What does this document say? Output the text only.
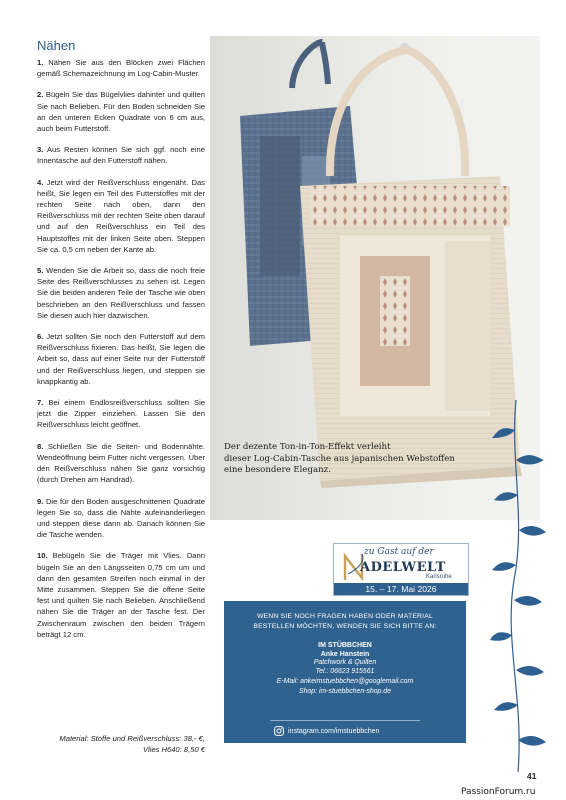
Nähen

1. Nähen Sie aus den Blöcken zwei Flächen gemäß Schemazeichnung im Log-Cabin-Muster.

2. Bügeln Sie das Bügelvlies dahinter und quilten Sie nach Belieben. Für den Boden schneiden Sie an den unteren Ecken Quadrate von 6 cm aus, auch beim Futterstoff.

3. Aus Resten können Sie sich ggf. noch eine Innentasche auf den Futterstoff nähen.

4. Jetzt wird der Reißverschluss eingenäht. Das heißt, Sie legen ein Teil des Futterstoffes mit der rechten Seite nach oben, dann den Reißverschluss mit der rechten Seite oben darauf und auf den Reißverschluss ein Teil des Hauptstoffes mit der linken Seite oben. Steppen Sie ca. 0,5 cm neben der Kante ab.

5. Wenden Sie die Arbeit so, dass die noch freie Seite des Reißverschlusses zu sehen ist. Legen Sie die beiden anderen Teile der Tasche wie oben beschrieben an den Reißverschluss und fassen Sie diesen auch hier dazwischen.

6. Jetzt sollten Sie noch den Futterstoff auf dem Reißverschluss fixieren. Das heißt, Sie legen die Arbeit so, dass auf einer Seite nur der Futterstoff und der Reißverschluss liegen, und steppen sie knappkantig ab.

7. Bei einem Endlosreißverschluss sollten Sie jetzt die Zipper einziehen. Lassen Sie den Reißverschluss leicht geöffnet.

8. Schließen Sie die Seiten- und Bodennähte. Wendeöffnung beim Futter nicht vergessen. Über den Reißverschluss nähen Sie ganz vorsichtig (durch Drehen am Handrad).

9. Die für den Boden ausgeschnittenen Quadrate legen Sie so, dass die Nähte aufeinanderliegen und steppen diese dann ab. Danach können Sie die Tasche wenden.

10. Bebügeln Sie die Träger mit Vlies. Dann bügeln Sie an den Längsseiten 0,75 cm um und dann den gesamten Streifen noch einmal in der Mitte zusammen. Steppen Sie die offene Seite fest und quilten Sie nach Belieben. Anschließend nähen Sie die Träger an der Tasche fest. Der Zwischenraum zwischen den beiden Trägern beträgt 12 cm.

Material: Stoffe und Reißverschluss: 38,- €,
Vlies H640: 8,50 €
Der dezente Ton-in-Ton-Effekt verleiht
dieser Log-Cabin-Tasche aus japanischen Webstoffen
eine besondere Eleganz.
zu Gast auf der
ADELWELT
Karlsruhe
15. – 17. Mai 2026
WENN SIE NOCH FRAGEN HABEN ODER MATERIAL
BESTELLEN MÖCHTEN, WENDEN SIE SICH BITTE AN:
IM STÜBBCHEN
Anke Hanstein
Patchwork & Quilten
Tel.: 06623 915561
E-Mail: ankeimstuebbchen@googlemail.com
Shop: im-stuebbchen-shop.de
instagram.com/imstuebbchen
41
PassionForum.ru
